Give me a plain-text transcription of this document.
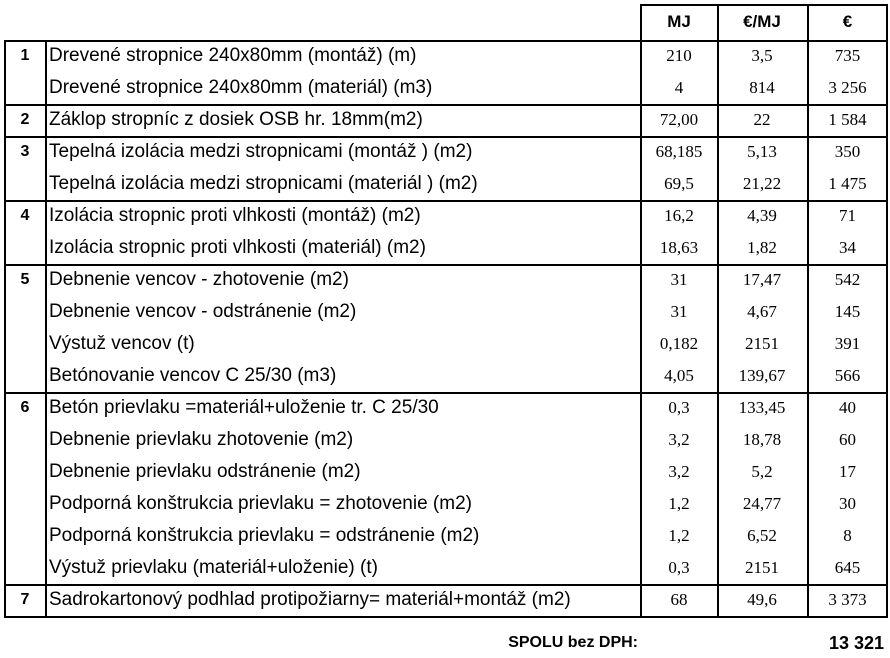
MJ	€/MJ	€
1	Drevené stropnice 240x80mm (montáž) (m)	210	3,5	735
Drevené stropnice 240x80mm (materiál) (m3)	4	814	3 256
2	Záklop stropníc z dosiek OSB hr. 18mm(m2)	72,00	22	1 584
3	Tepelná izolácia medzi stropnicami (montáž ) (m2)	68,185	5,13	350
Tepelná izolácia medzi stropnicami (materiál ) (m2)	69,5	21,22	1 475
4	Izolácia stropnic proti vlhkosti (montáž) (m2)	16,2	4,39	71
Izolácia stropnic proti vlhkosti (materiál) (m2)	18,63	1,82	34
5	Debnenie vencov - zhotovenie (m2)	31	17,47	542
Debnenie vencov - odstránenie (m2)	31	4,67	145
Výstuž vencov (t)	0,182	2151	391
Betónovanie vencov C 25/30 (m3)	4,05	139,67	566
6	Betón prievlaku =materiál+uloženie tr. C 25/30	0,3	133,45	40
Debnenie prievlaku zhotovenie (m2)	3,2	18,78	60
Debnenie prievlaku odstránenie (m2)	3,2	5,2	17
Podporná konštrukcia prievlaku = zhotovenie (m2)	1,2	24,77	30
Podporná konštrukcia prievlaku = odstránenie (m2)	1,2	6,52	8
Výstuž prievlaku (materiál+uloženie) (t)	0,3	2151	645
7	Sadrokartonový podhlad protipožiarny= materiál+montáž (m2)	68	49,6	3 373
SPOLU bez DPH:	13 321
